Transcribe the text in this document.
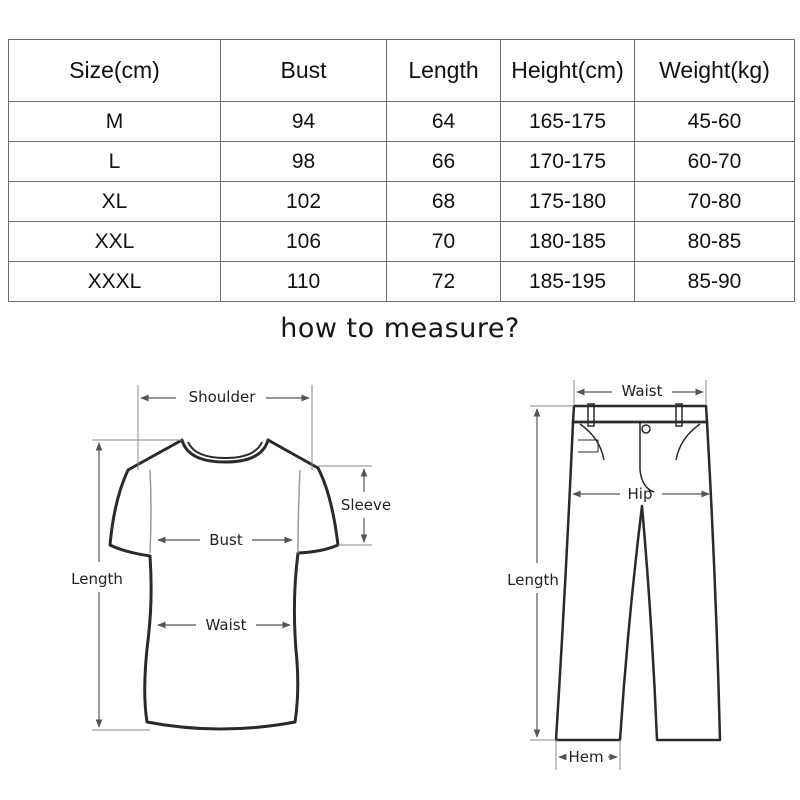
Size(cm)	Bust	Length	Height(cm)	Weight(kg)
M	94	64	165-175	45-60
L	98	66	170-175	60-70
XL	102	68	175-180	70-80
XXL	106	70	180-185	80-85
XXXL	110	72	185-195	85-90
how to measure?
Shoulder
Sleeve
Bust
Waist
Length
Waist
Hip
Length
Hem
